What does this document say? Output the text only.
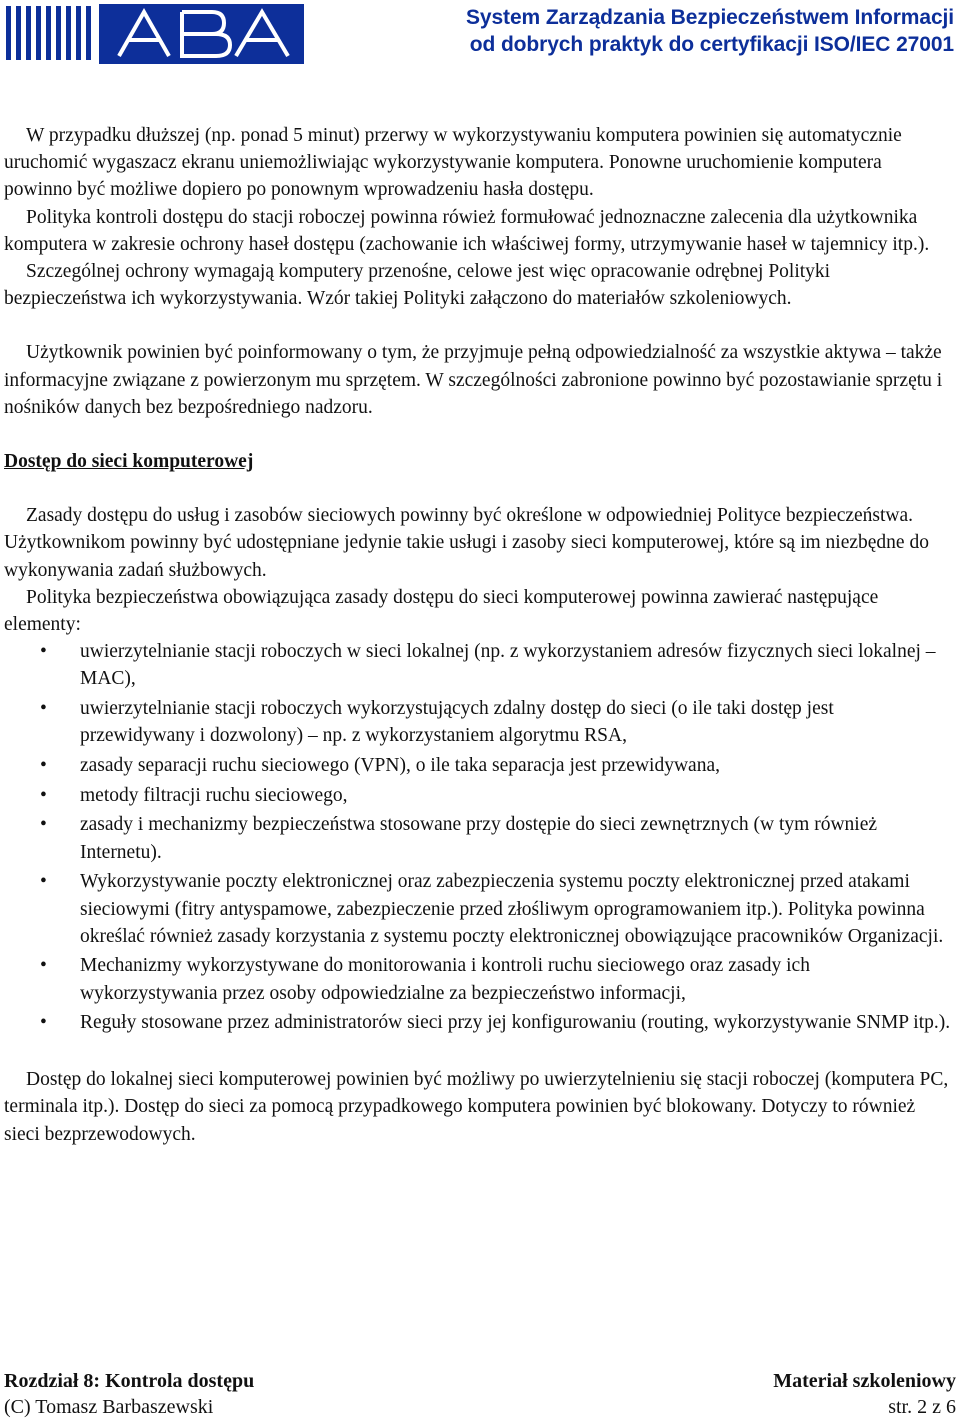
System Zarządzania Bezpieczeństwem Informacji
od dobrych praktyk do certyfikacji ISO/IEC 27001

W przypadku dłuższej (np. ponad 5 minut) przerwy w wykorzystywaniu komputera powinien się automatycznie uruchomić wygaszacz ekranu uniemożliwiając wykorzystywanie komputera. Ponowne uruchomienie komputera powinno być możliwe dopiero po ponownym wprowadzeniu hasła dostępu.

Polityka kontroli dostępu do stacji roboczej powinna rówież formułować jednoznaczne zalecenia dla użytkownika komputera w zakresie ochrony haseł dostępu (zachowanie ich właściwej formy, utrzymywanie haseł w tajemnicy itp.).

Szczególnej ochrony wymagają komputery przenośne, celowe jest więc opracowanie odrębnej Polityki bezpieczeństwa ich wykorzystywania. Wzór takiej Polityki załączono do materiałów szkoleniowych.

Użytkownik powinien być poinformowany o tym, że przyjmuje pełną odpowiedzialność za wszystkie aktywa – także informacyjne związane z powierzonym mu sprzętem. W szczególności zabronione powinno być pozostawianie sprzętu i nośników danych bez bezpośredniego nadzoru.

Dostęp do sieci komputerowej

Zasady dostępu do usług i zasobów sieciowych powinny być określone w odpowiedniej Polityce bezpieczeństwa. Użytkownikom powinny być udostępniane jedynie takie usługi i zasoby sieci komputerowej, które są im niezbędne do wykonywania zadań służbowych.

Polityka bezpieczeństwa obowiązująca zasady dostępu do sieci komputerowej powinna zawierać następujące elementy:

• uwierzytelnianie stacji roboczych w sieci lokalnej (np. z wykorzystaniem adresów fizycznych sieci lokalnej – MAC),
• uwierzytelnianie stacji roboczych wykorzystujących zdalny dostęp do sieci (o ile taki dostęp jest przewidywany i dozwolony) – np. z wykorzystaniem algorytmu RSA,
• zasady separacji ruchu sieciowego (VPN), o ile taka separacja jest przewidywana,
• metody filtracji ruchu sieciowego,
• zasady i mechanizmy bezpieczeństwa stosowane przy dostępie do sieci zewnętrznych (w tym również Internetu).
• Wykorzystywanie poczty elektronicznej oraz zabezpieczenia systemu poczty elektronicznej przed atakami sieciowymi (fitry antyspamowe, zabezpieczenie przed złośliwym oprogramowaniem itp.). Polityka powinna określać również zasady korzystania z systemu poczty elektronicznej obowiązujące pracowników Organizacji.
• Mechanizmy wykorzystywane do monitorowania i kontroli ruchu sieciowego oraz zasady ich wykorzystywania przez osoby odpowiedzialne za bezpieczeństwo informacji,
• Reguły stosowane przez administratorów sieci przy jej konfigurowaniu (routing, wykorzystywanie SNMP itp.).

Dostęp do lokalnej sieci komputerowej powinien być możliwy po uwierzytelnieniu się stacji roboczej (komputera PC, terminala itp.). Dostęp do sieci za pomocą przypadkowego komputera powinien być blokowany. Dotyczy to również sieci bezprzewodowych.

Rozdział 8: Kontrola dostępu	Materiał szkoleniowy
(C) Tomasz Barbaszewski	str. 2 z 6
